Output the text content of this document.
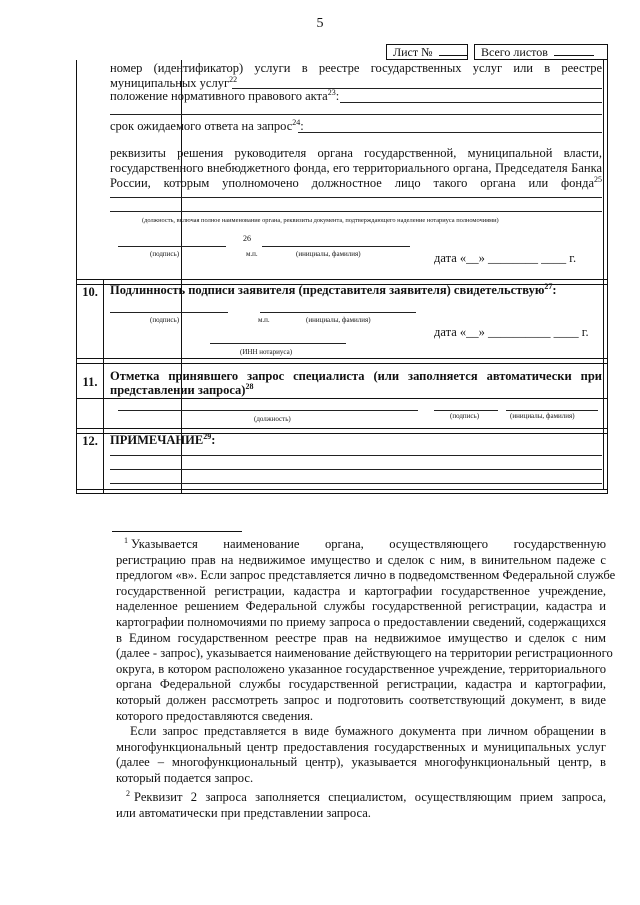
5
Лист №	Всего листов
номер (идентификатор) услуги в реестре государственных услуг или в реестре
муниципальных услуг$^{22}$
положение нормативного правового акта$^{23}$:
срок ожидаемого ответа на запрос$^{24}$:
реквизиты решения руководителя органа государственной, муниципальной власти,
государственного внебюджетного фонда, его территориального органа, Председателя Банка
России, которым уполномочено должностное лицо такого органа или фонда 25
(должность, включая полное наименование органа, реквизиты документа, подтверждающего наделение нотариуса полномочиями)
26
(подпись)	м.п.	(инициалы, фамилия)	дата «__» ________ ____ г.
10. Подлинность подписи заявителя (представителя заявителя) свидетельствую$^{27}$:
(подпись)	м.п.	(инициалы, фамилия)
дата «__» __________ ____ г.
(ИНН нотариуса)
11.	Отметка принявшего запрос специалиста (или заполняется автоматически при
представлении запроса)$^{28}$
(должность)	(подпись)	(инициалы, фамилия)
12. ПРИМЕЧАНИЕ$^{29}$:
$^1$ Указывается наименование органа, осуществляющего государственную
регистрацию прав на недвижимое имущество и сделок с ним, в винительном падеже с
предлогом «в». Если запрос представляется лично в подведомственном Федеральной службе
государственной регистрации, кадастра и картографии государственное учреждение,
наделенное решением Федеральной службы государственной регистрации, кадастра и
картографии полномочиями по приему запроса о предоставлении сведений, содержащихся
в Едином государственном реестре прав на недвижимое имущество и сделок с ним
(далее - запрос), указывается наименование действующего на территории регистрационного
округа, в котором расположено указанное государственное учреждение, территориального
органа Федеральной службы государственной регистрации, кадастра и картографии,
который должен рассмотреть запрос и подготовить соответствующий документ, в виде
которого предоставляются сведения.
Если запрос представляется в виде бумажного документа при личном обращении в
многофункциональный центр предоставления государственных и муниципальных услуг
(далее – многофункциональный центр), указывается многофункциональный центр, в
который подается запрос.
$^2$ Реквизит 2 запроса заполняется специалистом, осуществляющим прием запроса,
или автоматически при представлении запроса.
